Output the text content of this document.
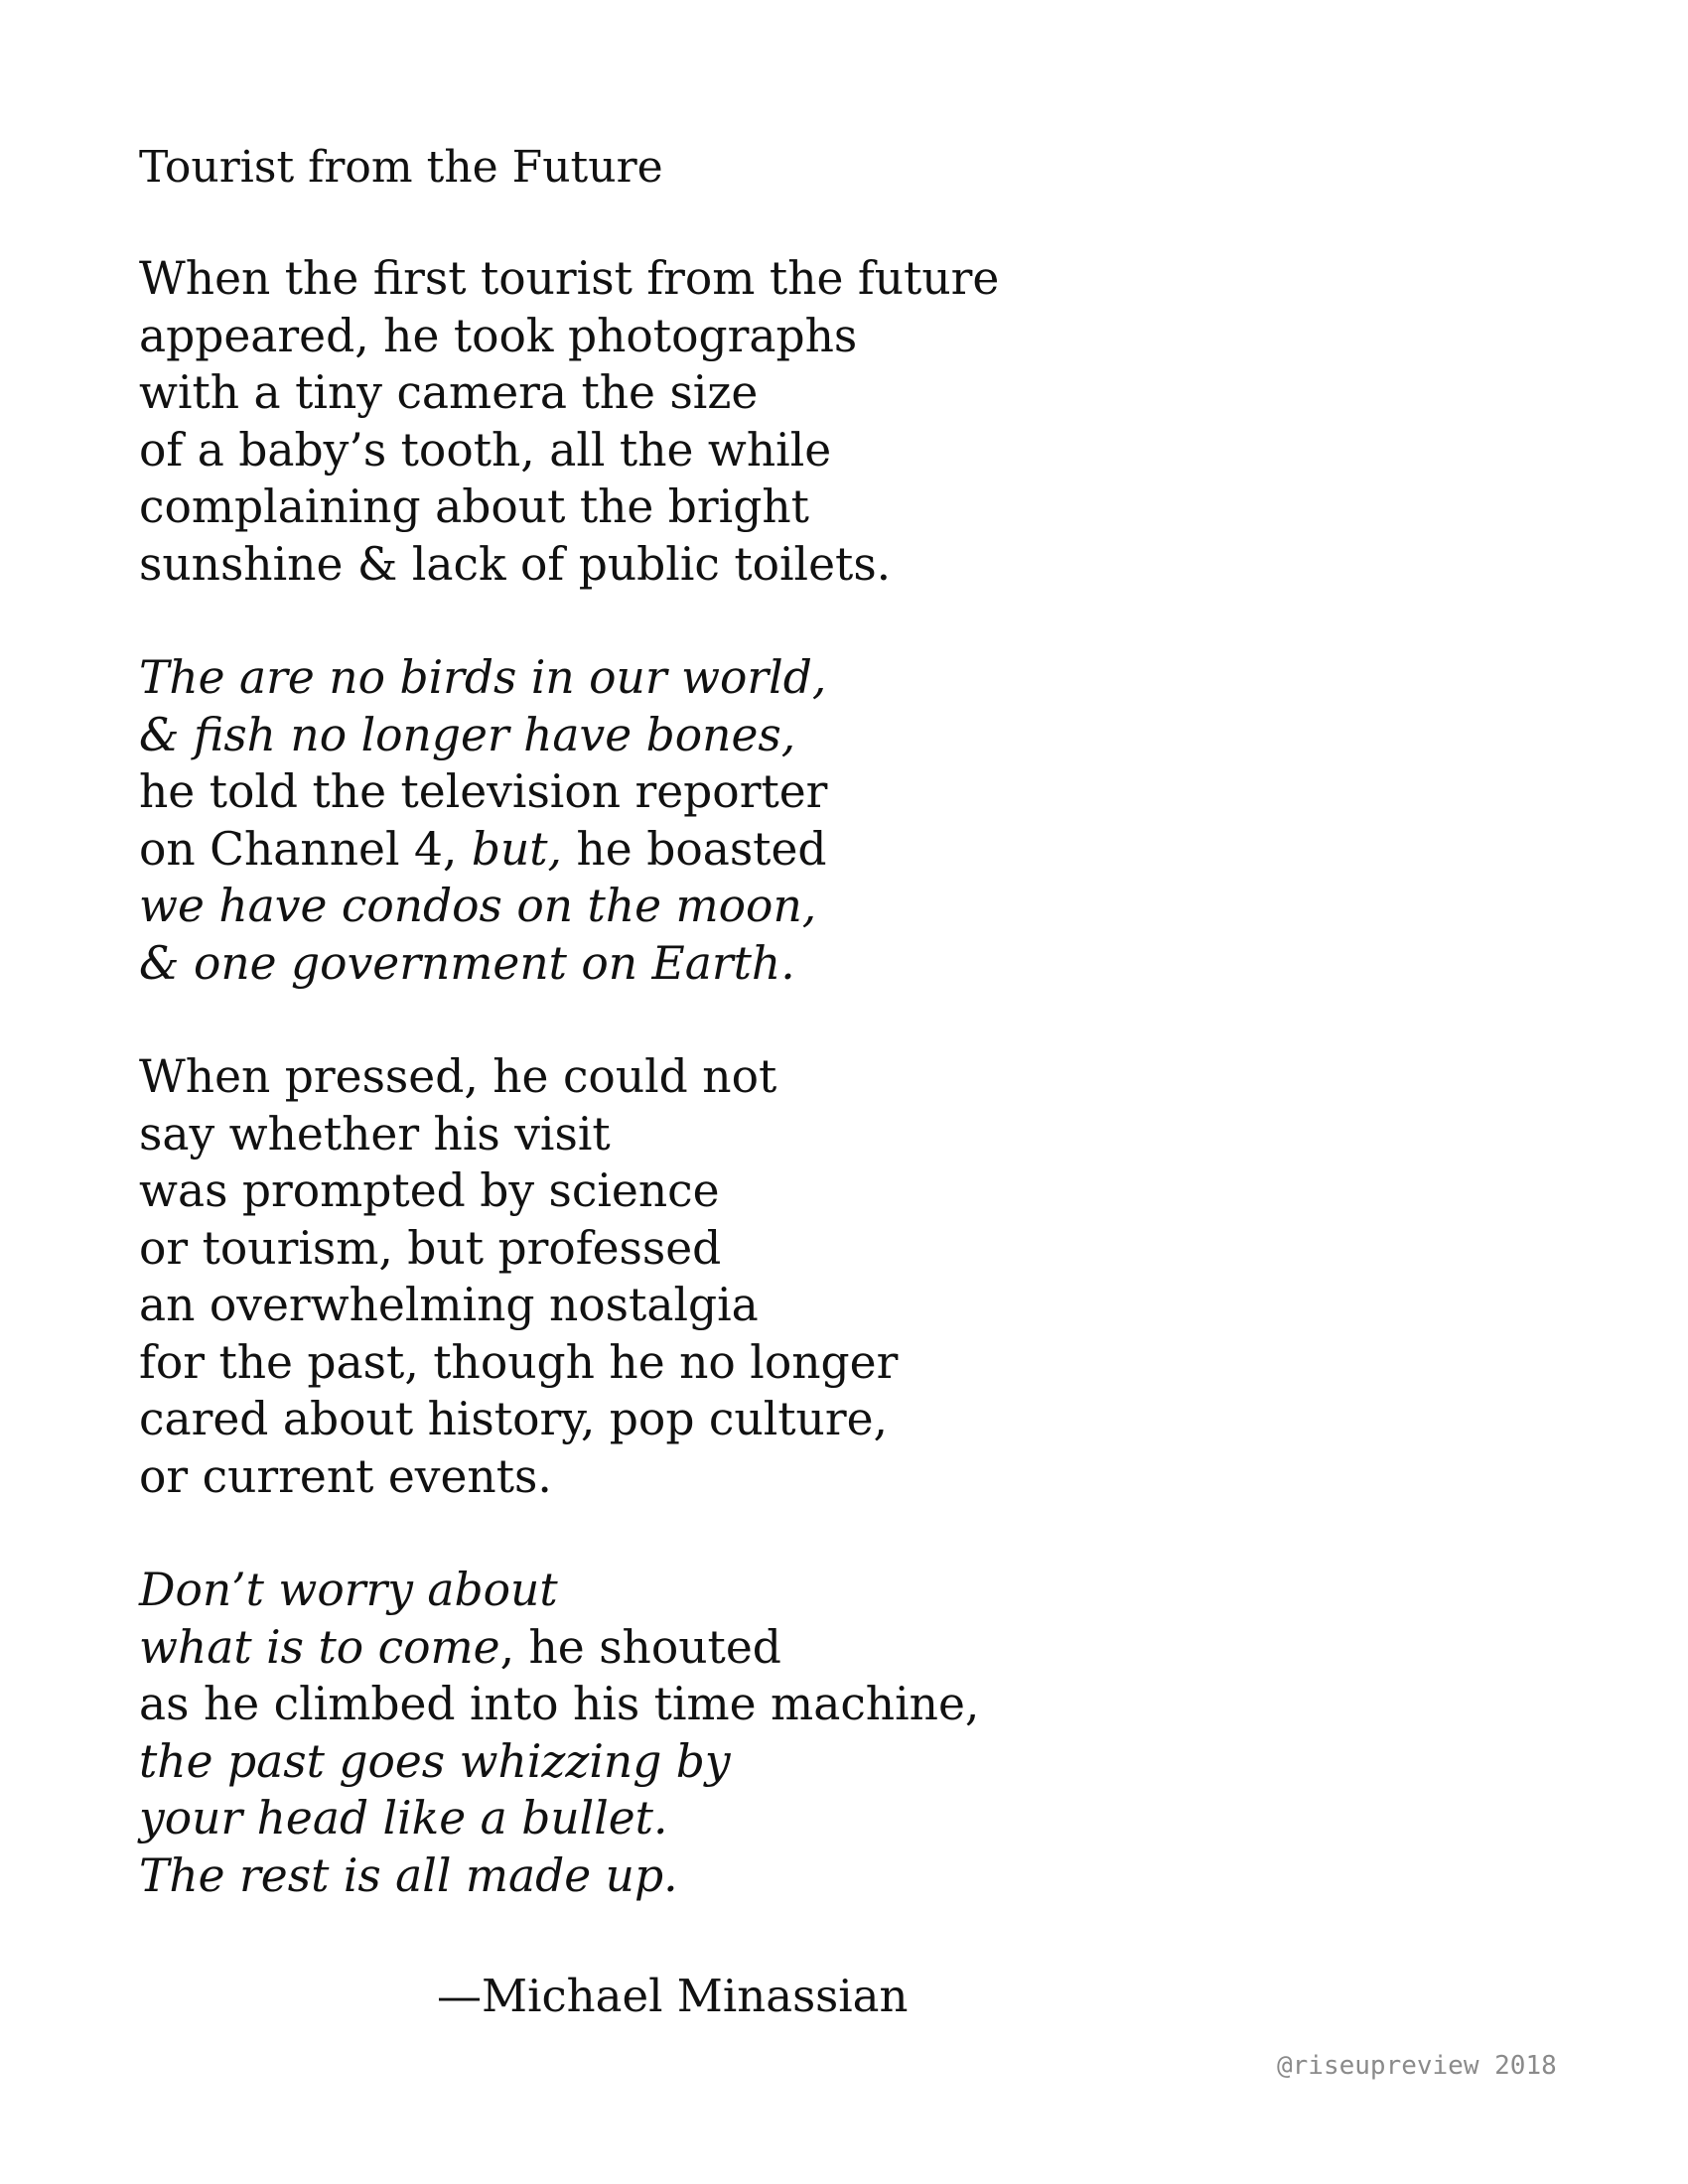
Tourist from the Future
When the first tourist from the future
appeared, he took photographs
with a tiny camera the size
of a baby’s tooth, all the while
complaining about the bright
sunshine & lack of public toilets.
The are no birds in our world,
& fish no longer have bones,
he told the television reporter
on Channel 4, but, he boasted
we have condos on the moon,
& one government on Earth.
When pressed, he could not
say whether his visit
was prompted by science
or tourism, but professed
an overwhelming nostalgia
for the past, though he no longer
cared about history, pop culture,
or current events.
Don’t worry about
what is to come, he shouted
as he climbed into his time machine,
the past goes whizzing by
your head like a bullet.
The rest is all made up.
—Michael Minassian
@riseupreview 2018
